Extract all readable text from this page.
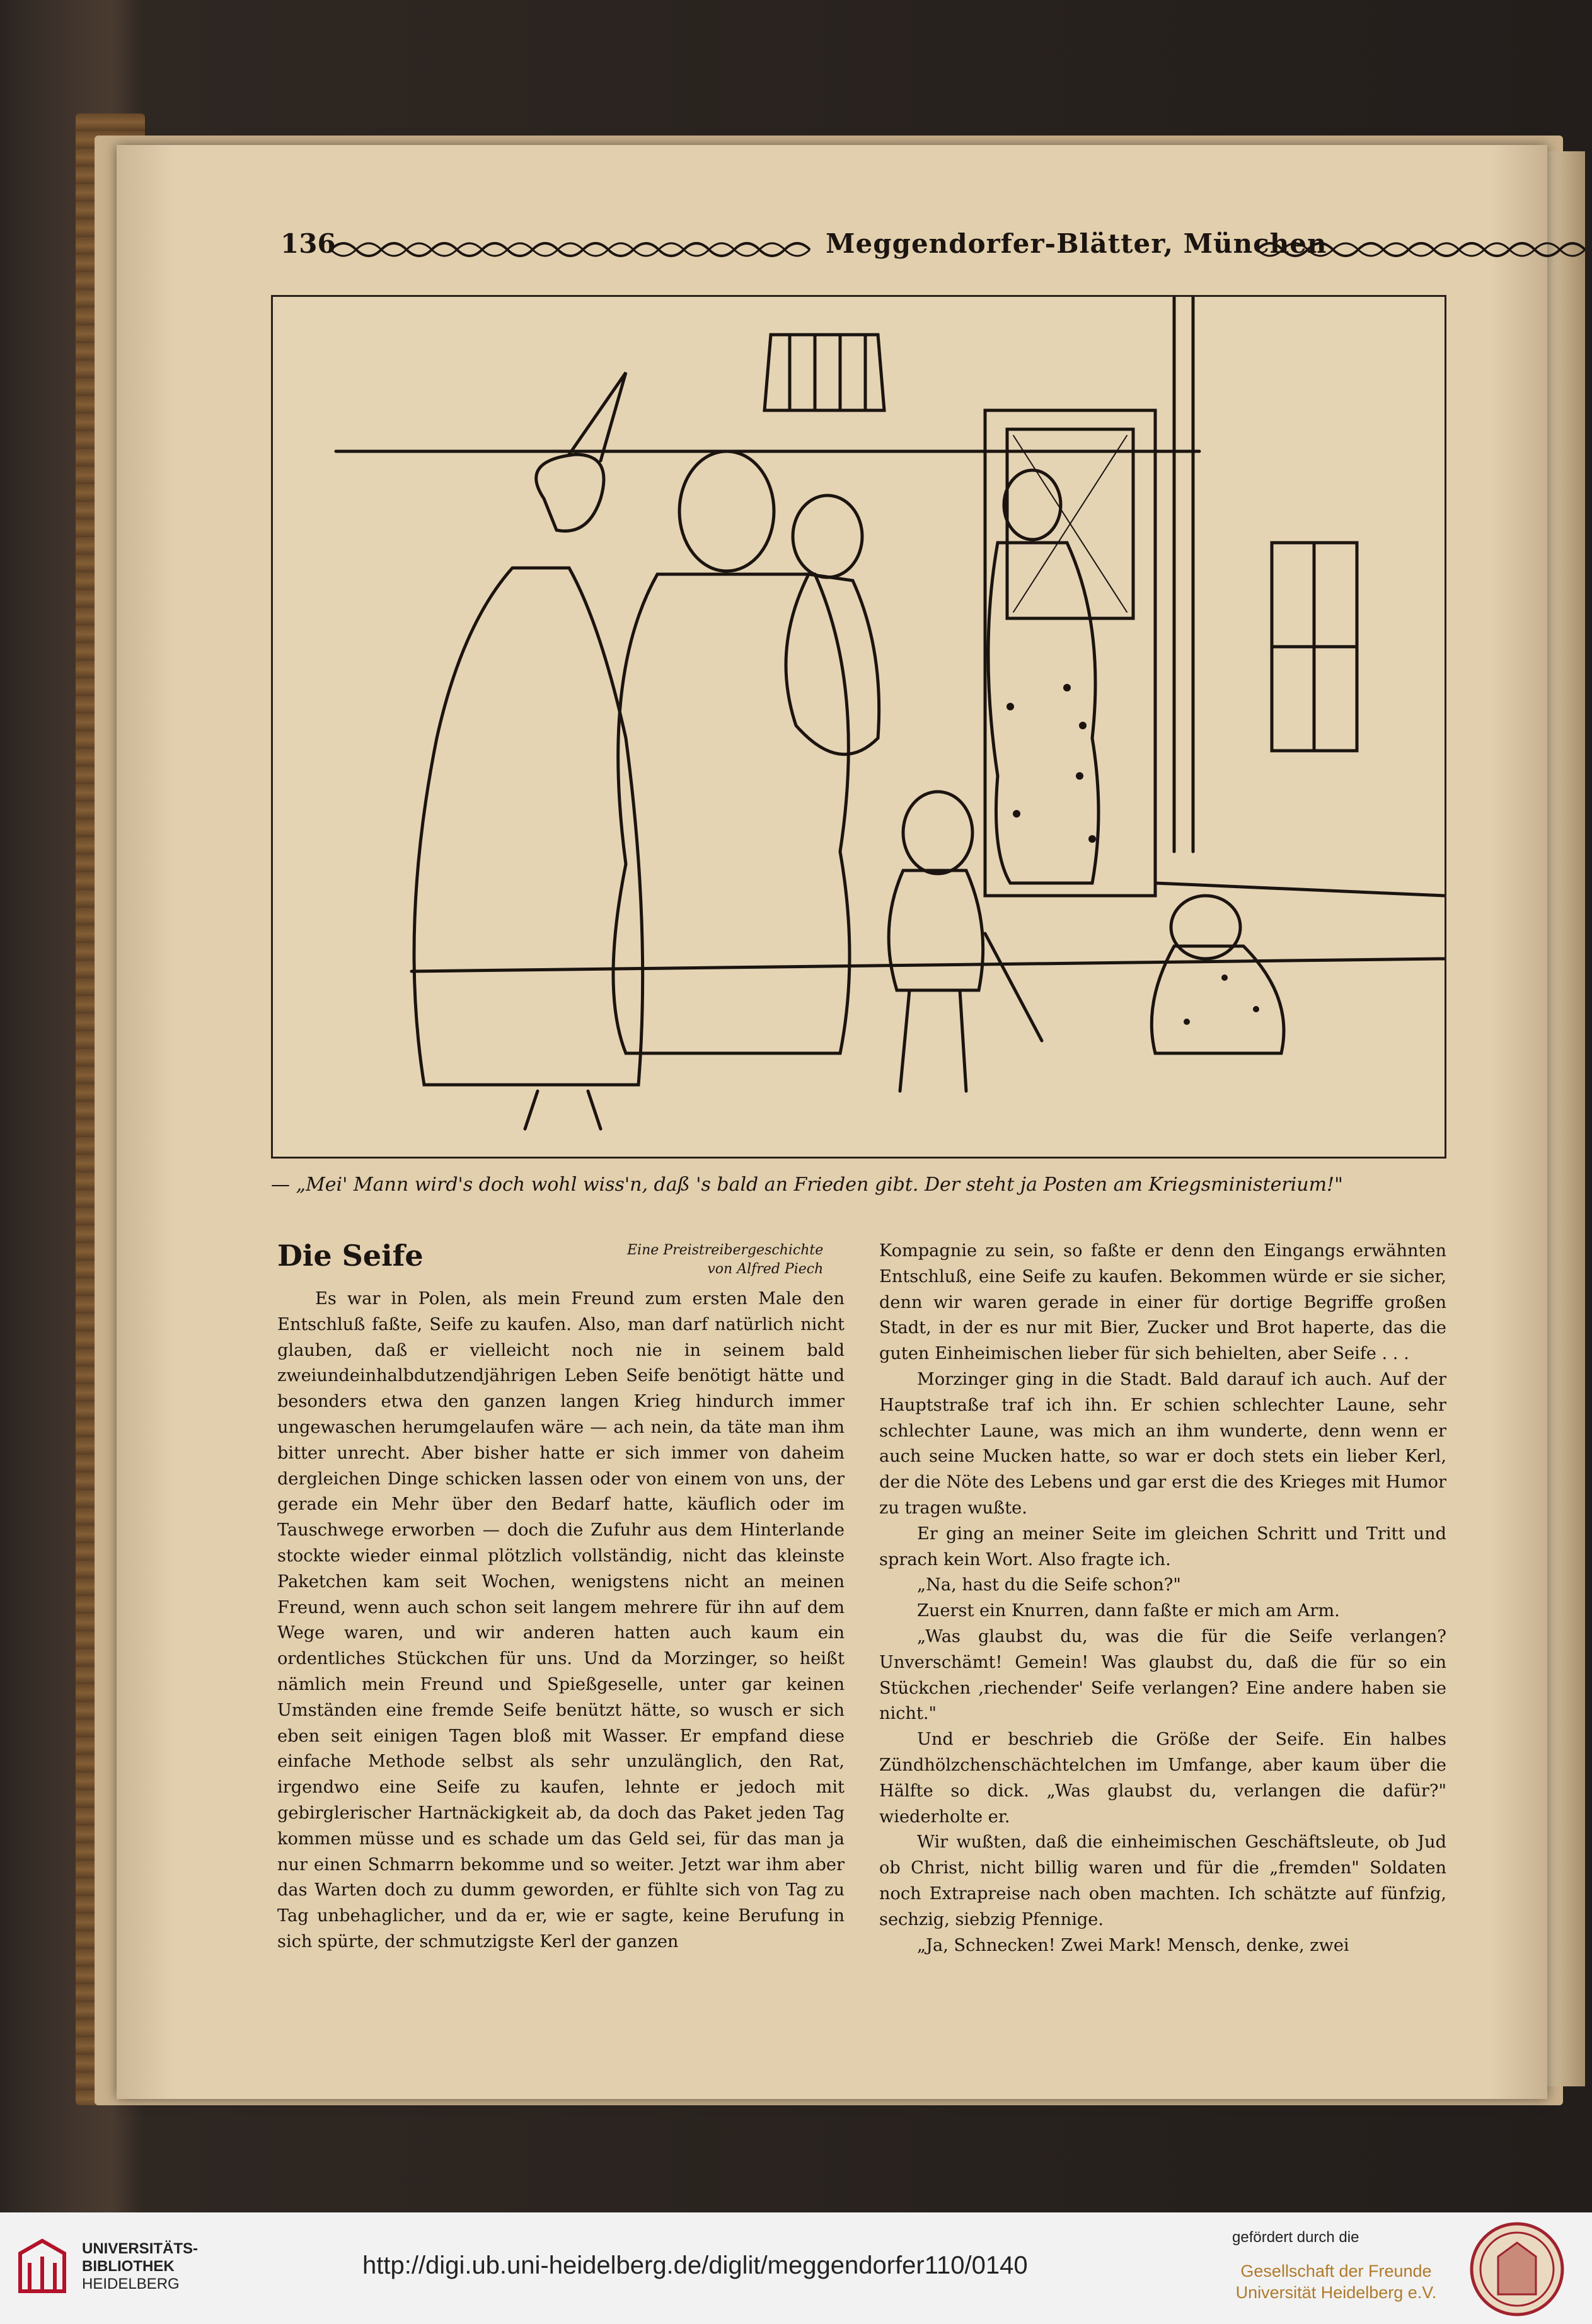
136	Meggendorfer-Blätter, München
— „Mei' Mann wird's doch wohl wiss'n, daß 's bald an Frieden gibt. Der steht ja Posten am Kriegsministerium!"
Die Seife	Eine Preistreibergeschichte
von Alfred Piech

Es war in Polen, als mein Freund zum ersten Male den Entschluß faßte, Seife zu kaufen. Also, man darf natürlich nicht glauben, daß er vielleicht noch nie in seinem bald zweiundeinhalbdutzendjährigen Leben Seife benötigt hätte und besonders etwa den ganzen langen Krieg hindurch immer ungewaschen herumgelaufen wäre — ach nein, da täte man ihm bitter unrecht. Aber bisher hatte er sich immer von daheim dergleichen Dinge schicken lassen oder von einem von uns, der gerade ein Mehr über den Bedarf hatte, käuflich oder im Tauschwege erworben — doch die Zufuhr aus dem Hinterlande stockte wieder einmal plötzlich vollständig, nicht das kleinste Paketchen kam seit Wochen, wenigstens nicht an meinen Freund, wenn auch schon seit langem mehrere für ihn auf dem Wege waren, und wir anderen hatten auch kaum ein ordentliches Stückchen für uns. Und da Morzinger, so heißt nämlich mein Freund und Spießgeselle, unter gar keinen Umständen eine fremde Seife benützt hätte, so wusch er sich eben seit einigen Tagen bloß mit Wasser. Er empfand diese einfache Methode selbst als sehr unzulänglich, den Rat, irgendwo eine Seife zu kaufen, lehnte er jedoch mit gebirglerischer Hartnäckigkeit ab, da doch das Paket jeden Tag kommen müsse und es schade um das Geld sei, für das man ja nur einen Schmarrn bekomme und so weiter. Jetzt war ihm aber das Warten doch zu dumm geworden, er fühlte sich von Tag zu Tag unbehaglicher, und da er, wie er sagte, keine Berufung in sich spürte, der schmutzigste Kerl der ganzen

Kompagnie zu sein, so faßte er denn den Eingangs erwähnten Entschluß, eine Seife zu kaufen. Bekommen würde er sie sicher, denn wir waren gerade in einer für dortige Begriffe großen Stadt, in der es nur mit Bier, Zucker und Brot haperte, das die guten Einheimischen lieber für sich behielten, aber Seife . . .

Morzinger ging in die Stadt. Bald darauf ich auch. Auf der Hauptstraße traf ich ihn. Er schien schlechter Laune, sehr schlechter Laune, was mich an ihm wunderte, denn wenn er auch seine Mucken hatte, so war er doch stets ein lieber Kerl, der die Nöte des Lebens und gar erst die des Krieges mit Humor zu tragen wußte.

Er ging an meiner Seite im gleichen Schritt und Tritt und sprach kein Wort. Also fragte ich.

„Na, hast du die Seife schon?"

Zuerst ein Knurren, dann faßte er mich am Arm.

„Was glaubst du, was die für die Seife verlangen? Unverschämt! Gemein! Was glaubst du, daß die für so ein Stückchen ‚riechender' Seife verlangen? Eine andere haben sie nicht."

Und er beschrieb die Größe der Seife. Ein halbes Zündhölzchenschächtelchen im Umfange, aber kaum über die Hälfte so dick. „Was glaubst du, verlangen die dafür?" wiederholte er.

Wir wußten, daß die einheimischen Geschäftsleute, ob Jud ob Christ, nicht billig waren und für die „fremden" Soldaten noch Extrapreise nach oben machten. Ich schätzte auf fünfzig, sechzig, siebzig Pfennige.

„Ja, Schnecken! Zwei Mark! Mensch, denke, zwei

UNIVERSITÄTS-
BIBLIOTHEK
HEIDELBERG
http://digi.ub.uni-heidelberg.de/diglit/meggendorfer110/0140
gefördert durch die
Gesellschaft der Freunde
Universität Heidelberg e.V.
